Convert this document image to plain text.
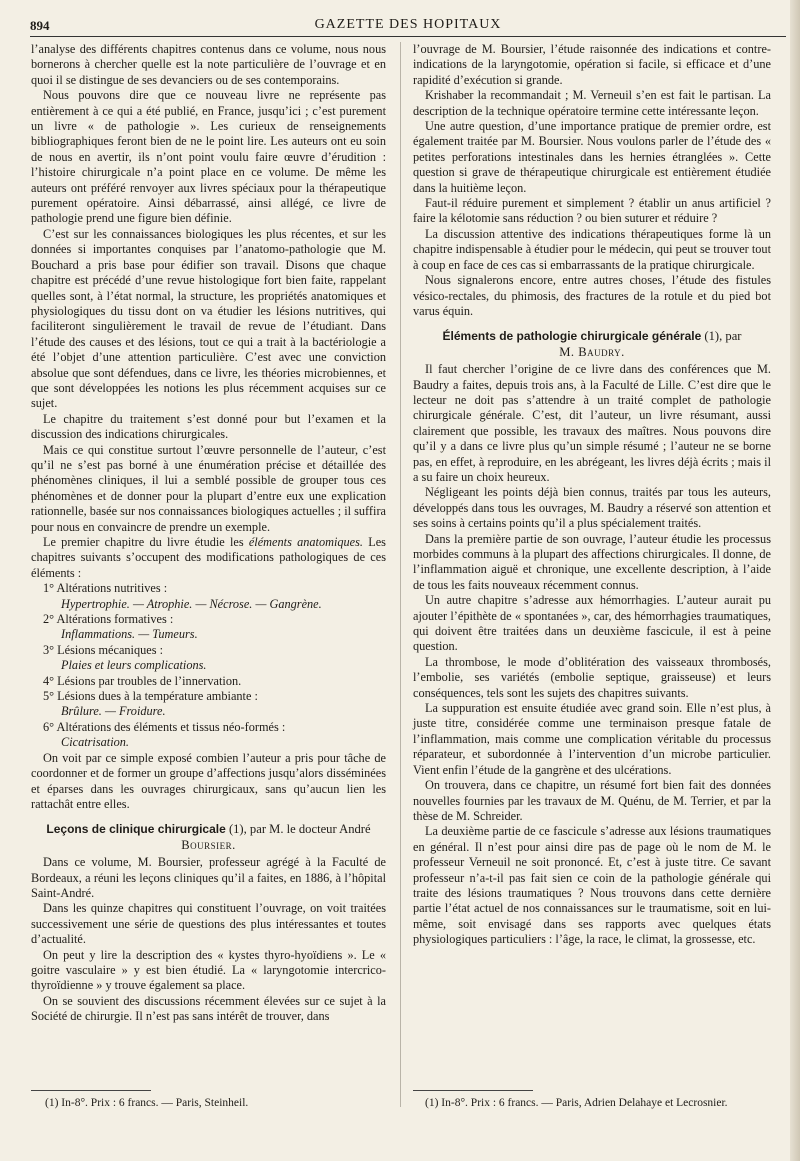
894	GAZETTE DES HOPITAUX

l’analyse des différents chapitres contenus dans ce volume, nous nous bornerons à chercher quelle est la note particulière de l’ouvrage et en quoi il se distingue de ses devanciers ou de ses contemporains.

Nous pouvons dire que ce nouveau livre ne représente pas entièrement à ce qui a été publié, en France, jusqu’ici ; c’est purement un livre « de pathologie ». Les curieux de renseignements bibliographiques feront bien de ne le point lire. Les auteurs ont eu soin de nous en avertir, ils n’ont point voulu faire œuvre d’érudition : l’histoire chirurgicale n’a point place en ce volume. De même les auteurs ont préféré renvoyer aux livres spéciaux pour la thérapeutique purement opératoire. Ainsi débarrassé, ainsi allégé, ce livre de pathologie prend une figure bien définie.

C’est sur les connaissances biologiques les plus récentes, et sur les données si importantes conquises par l’anatomo-pathologie que M. Bouchard a pris base pour édifier son travail. Disons que chaque chapitre est précédé d’une revue histologique fort bien faite, rappelant quelles sont, à l’état normal, la structure, les propriétés anatomiques et physiologiques du tissu dont on va étudier les lésions nutritives, qui faciliteront singulièrement le travail de revue de l’étudiant. Dans l’étude des causes et des lésions, tout ce qui a trait à la bactériologie a été l’objet d’une attention particulière. C’est avec une conviction absolue que sont défendues, dans ce livre, les théories microbiennes, et que sont développées les notions les plus récemment acquises sur ce sujet.

Le chapitre du traitement s’est donné pour but l’examen et la discussion des indications chirurgicales.

Mais ce qui constitue surtout l’œuvre personnelle de l’auteur, c’est qu’il ne s’est pas borné à une énumération précise et détaillée des phénomènes cliniques, il lui a semblé possible de grouper tous ces phénomènes et de donner pour la plupart d’entre eux une explication rationnelle, basée sur nos connaissances biologiques actuelles ; il suffira pour nous en convaincre de prendre un exemple.

Le premier chapitre du livre étudie les éléments anatomiques. Les chapitres suivants s’occupent des modifications pathologiques de ces éléments :

1° Altérations nutritives :

Hypertrophie. — Atrophie. — Nécrose. — Gangrène.

2° Altérations formatives :

Inflammations. — Tumeurs.

3° Lésions mécaniques :

Plaies et leurs complications.

4° Lésions par troubles de l’innervation.

5° Lésions dues à la température ambiante :

Brûlure. — Froidure.

6° Altérations des éléments et tissus néo-formés :

Cicatrisation.

On voit par ce simple exposé combien l’auteur a pris pour tâche de coordonner et de former un groupe d’affections jusqu’alors disséminées et éparses dans les ouvrages chirurgicaux, sans qu’aucun lien les rattachât entre elles.

Leçons de clinique chirurgicale (1), par M. le docteur André
Boursier.

Dans ce volume, M. Boursier, professeur agrégé à la Faculté de Bordeaux, a réuni les leçons cliniques qu’il a faites, en 1886, à l’hôpital Saint-André.

Dans les quinze chapitres qui constituent l’ouvrage, on voit traitées successivement une série de questions des plus intéressantes et toutes d’actualité.

On peut y lire la description des « kystes thyro-hyoïdiens ». Le « goitre vasculaire » y est bien étudié. La « laryngotomie intercrico-thyroïdienne » y trouve également sa place.

On se souvient des discussions récemment élevées sur ce sujet à la Société de chirurgie. Il n’est pas sans intérêt de trouver, dans

l’ouvrage de M. Boursier, l’étude raisonnée des indications et contre-indications de la laryngotomie, opération si facile, si efficace et d’une rapidité d’exécution si grande.

Krishaber la recommandait ; M. Verneuil s’en est fait le partisan. La description de la technique opératoire termine cette intéressante leçon.

Une autre question, d’une importance pratique de premier ordre, est également traitée par M. Boursier. Nous voulons parler de l’étude des « petites perforations intestinales dans les hernies étranglées ». Cette question si grave de thérapeutique chirurgicale est entièrement étudiée dans la huitième leçon.

Faut-il réduire purement et simplement ? établir un anus artificiel ? faire la kélotomie sans réduction ? ou bien suturer et réduire ?

La discussion attentive des indications thérapeutiques forme là un chapitre indispensable à étudier pour le médecin, qui peut se trouver tout à coup en face de ces cas si embarrassants de la pratique chirurgicale.

Nous signalerons encore, entre autres choses, l’étude des fistules vésico-rectales, du phimosis, des fractures de la rotule et du pied bot varus équin.

Éléments de pathologie chirurgicale générale (1), par
M. Baudry.

Il faut chercher l’origine de ce livre dans des conférences que M. Baudry a faites, depuis trois ans, à la Faculté de Lille. C’est dire que le lecteur ne doit pas s’attendre à un traité complet de pathologie chirurgicale générale. C’est, dit l’auteur, un livre résumant, aussi clairement que possible, les travaux des maîtres. Nous pouvons dire qu’il y a dans ce livre plus qu’un simple résumé ; l’auteur ne se borne pas, en effet, à reproduire, en les abrégeant, les livres déjà écrits ; mais il a su faire un choix heureux.

Négligeant les points déjà bien connus, traités par tous les auteurs, développés dans tous les ouvrages, M. Baudry a réservé son attention et ses soins à certains points qu’il a plus spécialement traités.

Dans la première partie de son ouvrage, l’auteur étudie les processus morbides communs à la plupart des affections chirurgicales. Il donne, de l’inflammation aiguë et chronique, une excellente description, à l’aide de tous les faits nouveaux récemment connus.

Un autre chapitre s’adresse aux hémorrhagies. L’auteur aurait pu ajouter l’épithète de « spontanées », car, des hémorrhagies traumatiques, qui doivent être traitées dans un deuxième fascicule, il est à peine question.

La thrombose, le mode d’oblitération des vaisseaux thrombosés, l’embolie, ses variétés (embolie septique, graisseuse) et leurs conséquences, tels sont les sujets des chapitres suivants.

La suppuration est ensuite étudiée avec grand soin. Elle n’est plus, à juste titre, considérée comme une terminaison presque fatale de l’inflammation, mais comme une complication véritable du processus réparateur, et subordonnée à l’intervention d’un microbe particulier. Vient enfin l’étude de la gangrène et des ulcérations.

On trouvera, dans ce chapitre, un résumé fort bien fait des données nouvelles fournies par les travaux de M. Quénu, de M. Terrier, et par la thèse de M. Schreider.

La deuxième partie de ce fascicule s’adresse aux lésions traumatiques en général. Il n’est pour ainsi dire pas de page où le nom de M. le professeur Verneuil ne soit prononcé. Et, c’est à juste titre. Ce savant professeur n’a-t-il pas fait sien ce coin de la pathologie générale qui traite des lésions traumatiques ? Nous trouvons dans cette dernière partie l’état actuel de nos connaissances sur le traumatisme, soit en lui-même, soit envisagé dans ses rapports avec quelques états physiologiques particuliers : l’âge, la race, le climat, la grossesse, etc.

(1) In-8°. Prix : 6 francs. — Paris, Steinheil.	(1) In-8°. Prix : 6 francs. — Paris, Adrien Delahaye et Lecrosnier.
